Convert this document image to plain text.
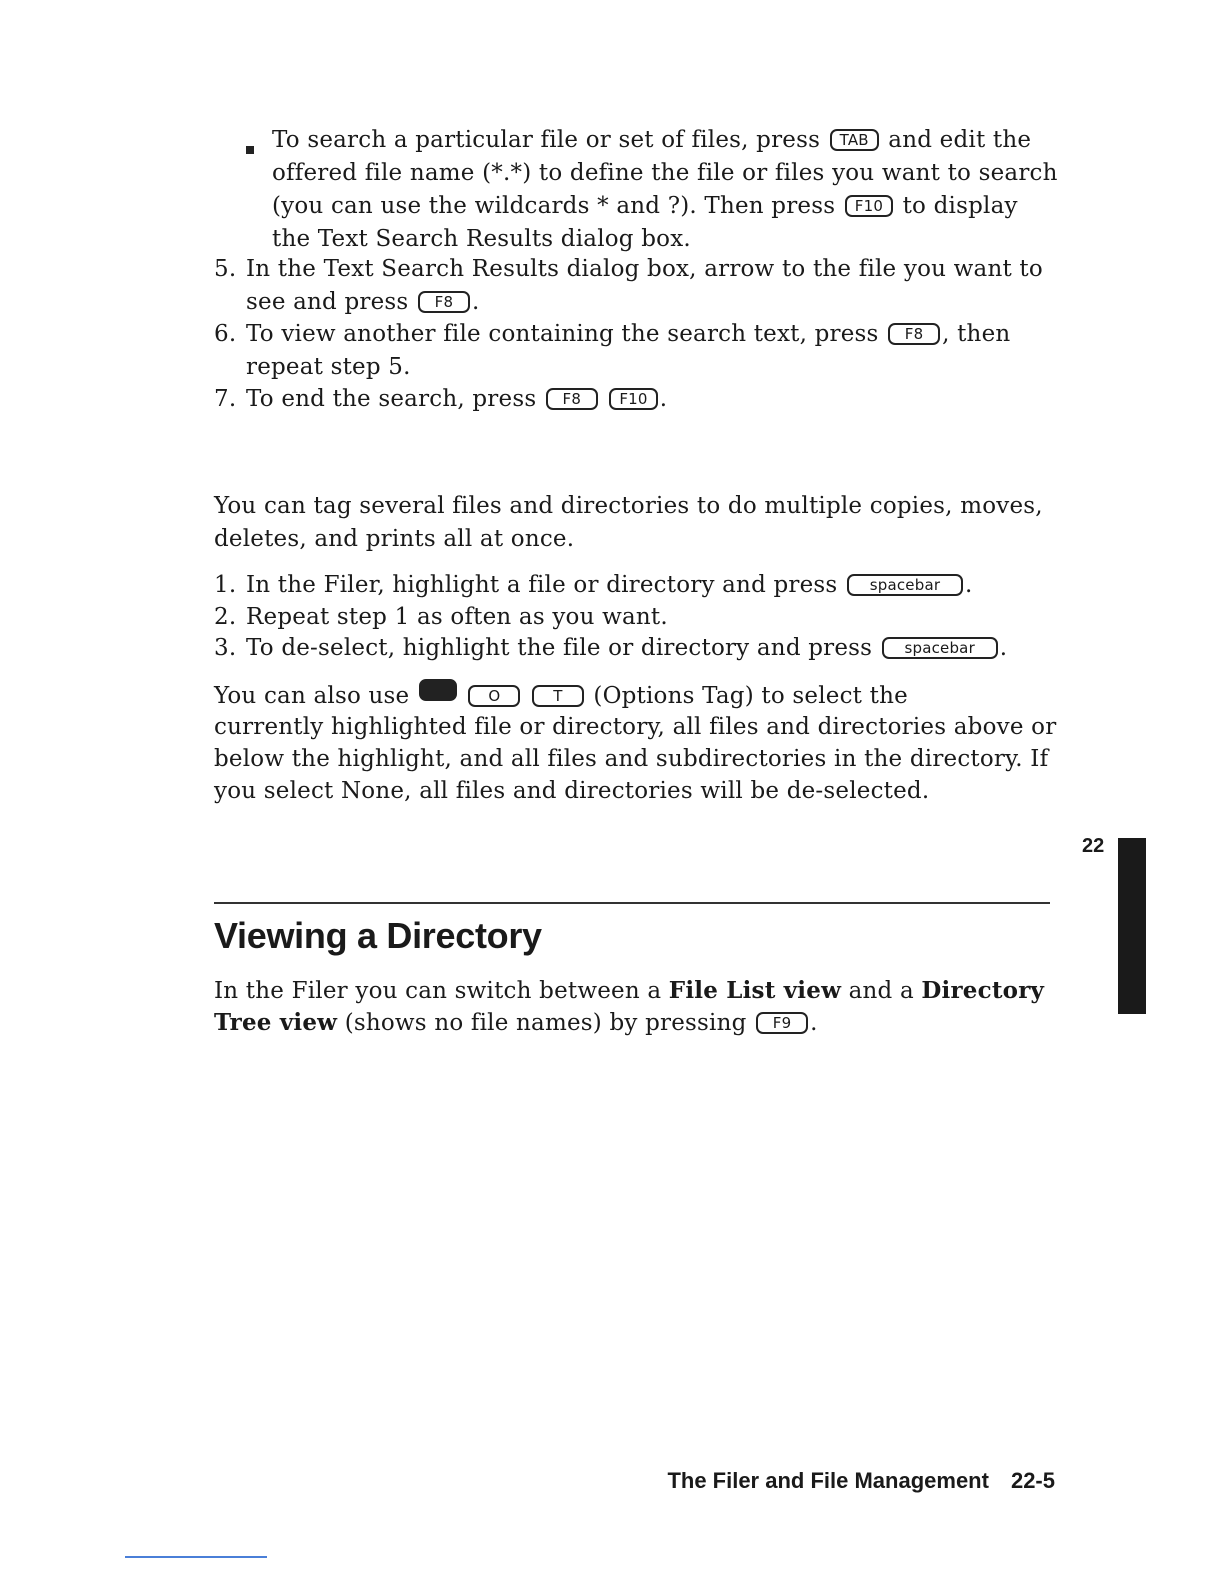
To search a particular file or set of files, press TAB and edit the
offered file name (*.*) to define the file or files you want to search
(you can use the wildcards * and ?). Then press F10 to display
the Text Search Results dialog box.
5. In the Text Search Results dialog box, arrow to the file you want to
see and press F8 .
6. To view another file containing the search text, press F8 , then
repeat step 5.
7. To end the search, press F8	F10 .
You can tag several files and directories to do multiple copies, moves,
deletes, and prints all at once.
1. In the Filer, highlight a file or directory and press spacebar .
2. Repeat step 1 as often as you want.
3. To de-select, highlight the file or directory and press spacebar .
You can also use	O	T (Options Tag) to select the
currently highlighted file or directory, all files and directories above or
below the highlight, and all files and subdirectories in the directory. If
you select None, all files and directories will be de-selected.
22
Viewing a Directory
In the Filer you can switch between a File List view and a Directory
Tree view (shows no file names) by pressing F9 .
The Filer and File Management 22-5
